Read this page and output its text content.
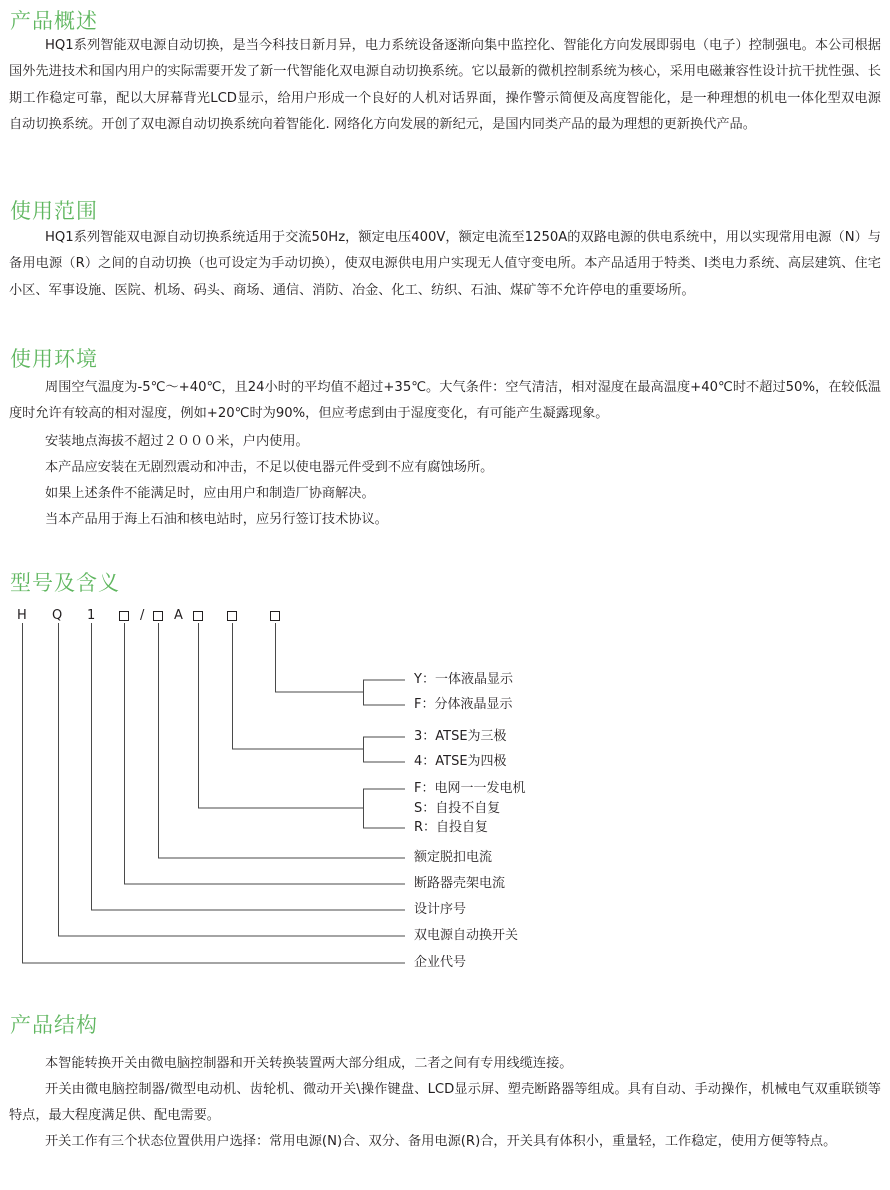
产品概述

HQ1系列智能双电源自动切换，是当今科技日新月异，电力系统设备逐渐向集中监控化、智能化方向发展即弱电（电子）控制强电。本公司根据国外先进技术和国内用户的实际需要开发了新一代智能化双电源自动切换系统。它以最新的微机控制系统为核心，采用电磁兼容性设计抗干扰性强、长期工作稳定可靠，配以大屏幕背光LCD显示，给用户形成一个良好的人机对话界面，操作警示简便及高度智能化，是一种理想的机电一体化型双电源 自动切换系统。开创了双电源自动切换系统向着智能化. 网络化方向发展的新纪元，是国内同类产品的最为理想的更新换代产品。

使用范围

HQ1系列智能双电源自动切换系统适用于交流50Hz，额定电压400V，额定电流至1250A的双路电源的供电系统中，用以实现常用电源（N）与备用电源（R）之间的自动切换（也可设定为手动切换），使双电源供电用户实现无人值守变电所。本产品适用于特类、I类电力系统、高层建筑、住宅小区、军事设施、医院、机场、码头、商场、通信、消防、冶金、化工、纺织、石油、煤矿等不允许停电的重要场所。

使用环境

周围空气温度为-5℃～+40℃，且24小时的平均值不超过+35℃。大气条件：空气清洁，相对湿度在最高温度+40℃时不超过50%，在较低温度时允许有较高的相对湿度，例如+20℃时为90%，但应考虑到由于湿度变化，有可能产生凝露现象。

安装地点海拔不超过２０００米，户内使用。

本产品应安装在无剧烈震动和冲击，不足以使电器元件受到不应有腐蚀场所。

如果上述条件不能满足时，应由用户和制造厂协商解决。

当本产品用于海上石油和核电站时，应另行签订技术协议。

型号及含义
H Q 1	/ A
Y：一体液晶显示
F：分体液晶显示
3：ATSE为三极
4：ATSE为四极
F：电网一一发电机
S：自投不自复
R：自投自复
额定脱扣电流
断路器壳架电流
设计序号
双电源自动换开关
企业代号
产品结构

本智能转换开关由微电脑控制器和开关转换装置两大部分组成，二者之间有专用线缆连接。

开关由微电脑控制器/微型电动机、齿轮机、微动开关\操作键盘、LCD显示屏、塑壳断路器等组成。具有自动、手动操作，机械电气双重联锁等特点，最大程度满足供、配电需要。

开关工作有三个状态位置供用户选择：常用电源(N)合、双分、备用电源(R)合，开关具有体积小，重量轻，工作稳定，使用方便等特点。
